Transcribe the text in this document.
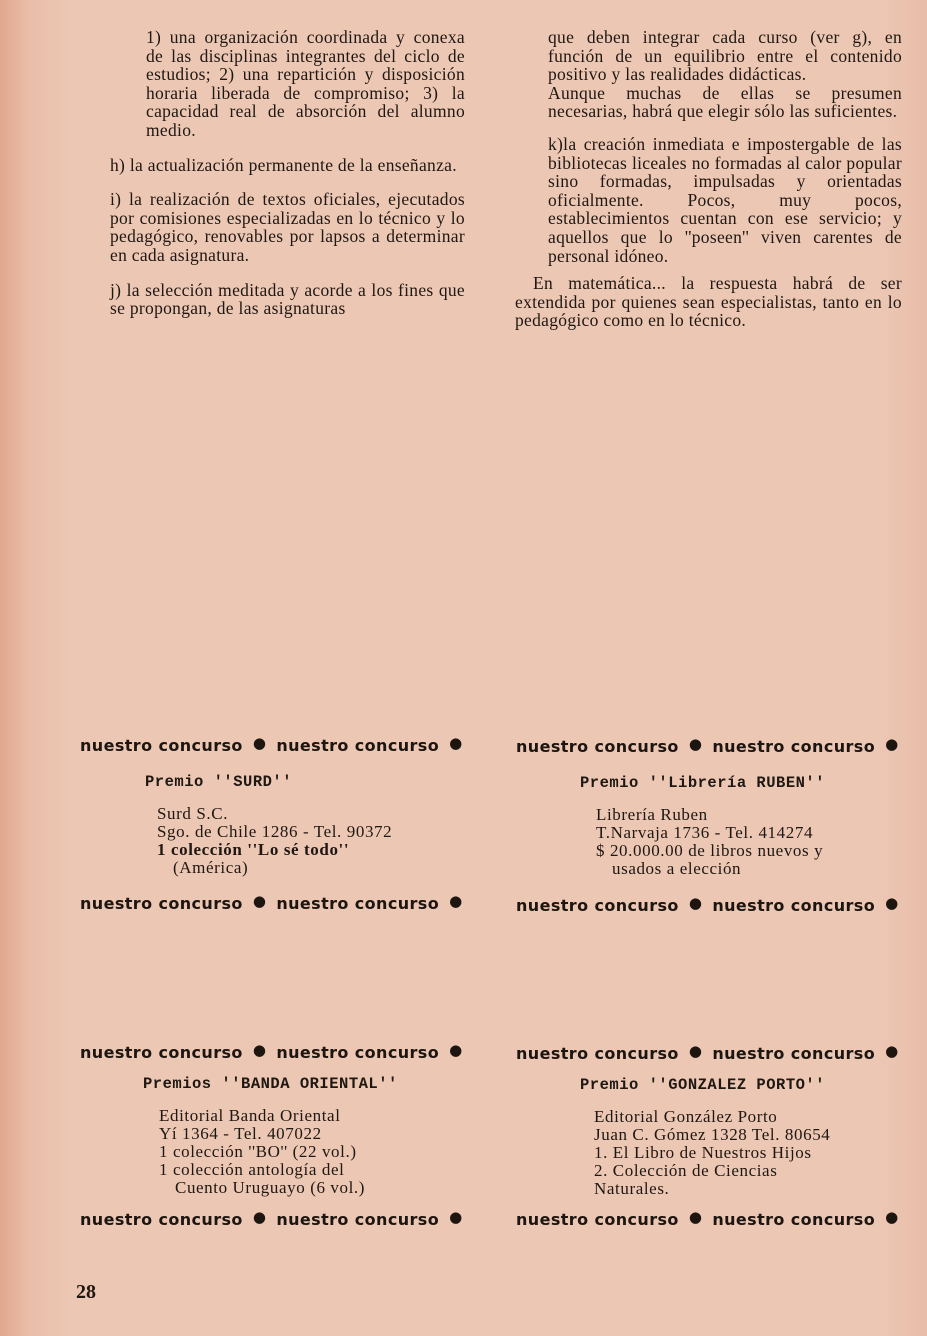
1) una organización coordinada y conexa de las disciplinas integrantes del ciclo de estudios; 2) una repartición y disposición horaria liberada de compromiso; 3) la capacidad real de absorción del alumno medio.

h) la actualización permanente de la enseñanza.

i) la realización de textos oficiales, ejecutados por comisiones especializadas en lo técnico y lo pedagógico, renovables por lapsos a determinar en cada asignatura.

j) la selección meditada y acorde a los fines que se propongan, de las asignaturas

que deben integrar cada curso (ver g), en función de un equilibrio entre el contenido positivo y las realidades didácticas.

Aunque muchas de ellas se presumen necesarias, habrá que elegir sólo las suficientes.

k)la creación inmediata e impostergable de las bibliotecas liceales no formadas al calor popular sino formadas, impulsadas y orientadas oficialmente. Pocos, muy pocos, establecimientos cuentan con ese servicio; y aquellos que lo ''poseen'' viven carentes de personal idóneo.

En matemática... la respuesta habrá de ser extendida por quienes sean especialistas, tanto en lo pedagógico como en lo técnico.

nuestro concurso ● nuestro concurso ●
Premio ''SURD''
Surd S.C.
Sgo. de Chile 1286 - Tel. 90372
1 colección ''Lo sé todo''
(América)
nuestro concurso ● nuestro concurso ●
nuestro concurso ● nuestro concurso ●
Premio ''Librería RUBEN''
Librería Ruben
T.Narvaja 1736 - Tel. 414274
$ 20.000.00 de libros nuevos y
usados a elección
nuestro concurso ● nuestro concurso ●
nuestro concurso ● nuestro concurso ●
Premios ''BANDA ORIENTAL''
Editorial Banda Oriental
Yí 1364 - Tel. 407022
1 colección ''BO'' (22 vol.)
1 colección antología del
Cuento Uruguayo (6 vol.)
nuestro concurso ● nuestro concurso ●
nuestro concurso ● nuestro concurso ●
Premio ''GONZALEZ PORTO''
Editorial González Porto
Juan C. Gómez 1328 Tel. 80654
1. El Libro de Nuestros Hijos
2. Colección de Ciencias Naturales.
nuestro concurso ● nuestro concurso ●
28
